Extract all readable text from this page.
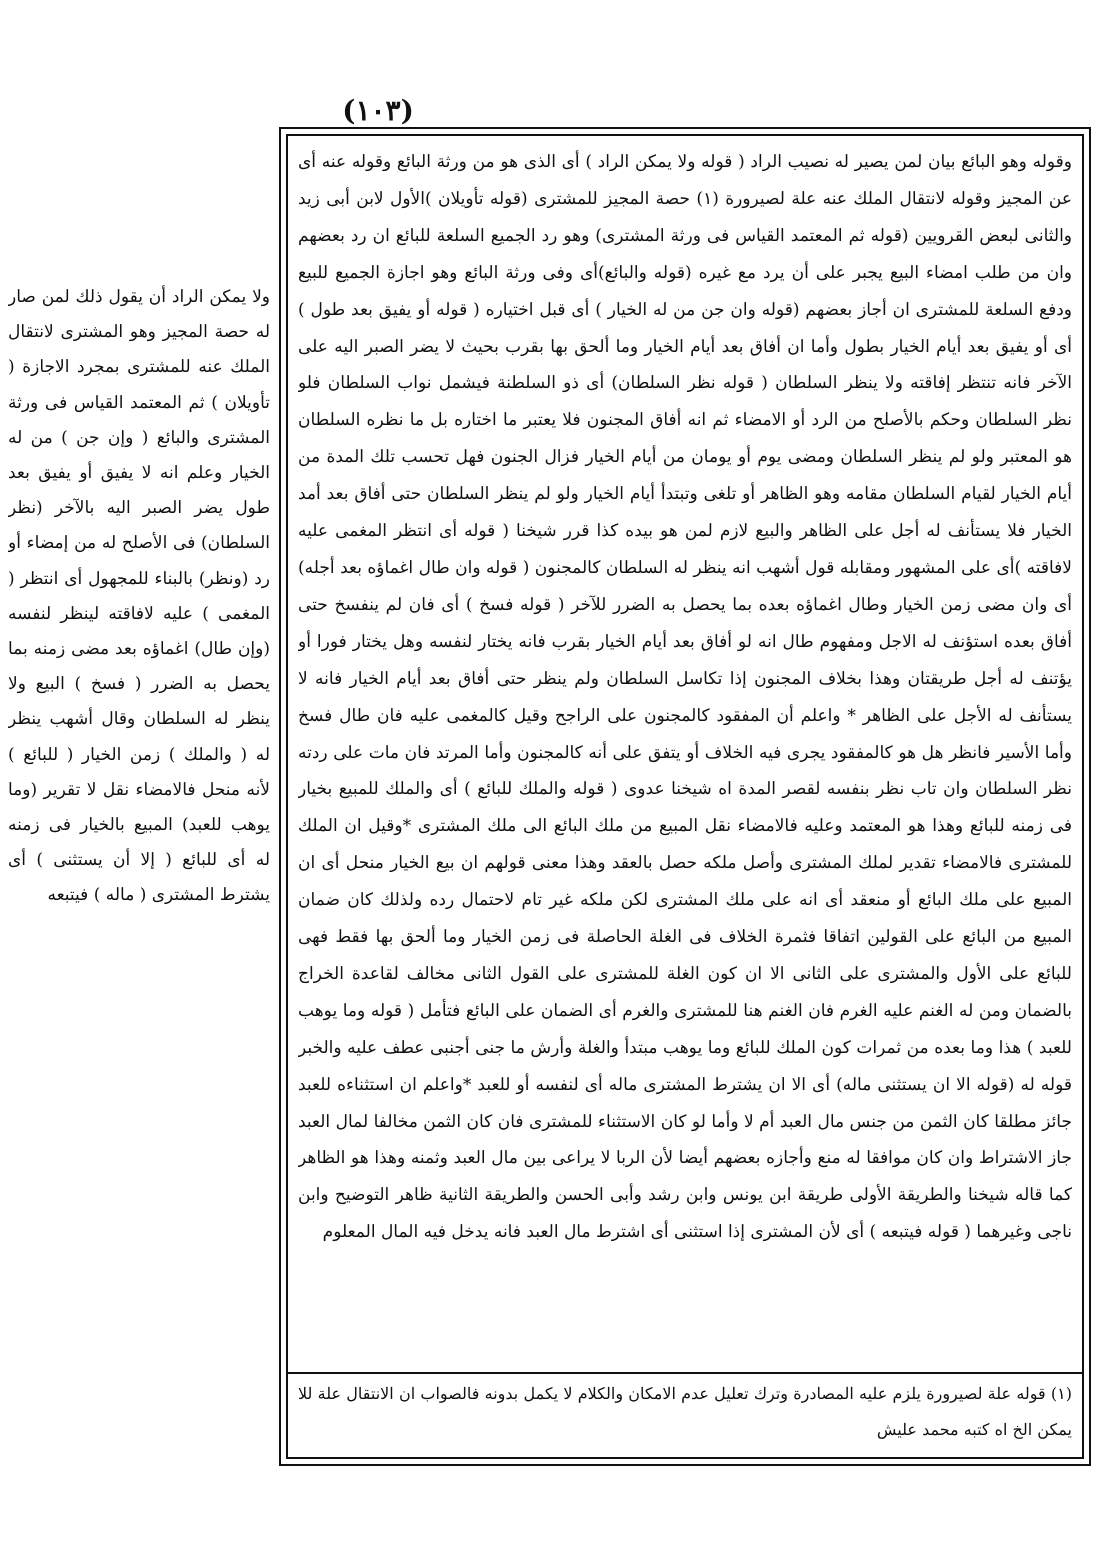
(١٠٣)
ولا يمكن الراد أن يقول ذلك لمن صار له حصة المجيز وهو المشترى لانتقال الملك عنه للمشترى بمجرد الاجازة ( تأويلان ) ثم المعتمد القياس فى ورثة المشترى والبائع ( وإن جن ) من له الخيار وعلم انه لا يفيق أو يفيق بعد طول يضر الصبر اليه بالآخر (نظر السلطان) فى الأصلح له من إمضاء أو رد (ونظر) بالبناء للمجهول أى انتظر ( المغمى ) عليه لافاقته لينظر لنفسه (وإن طال) اغماؤه بعد مضى زمنه بما يحصل به الضرر ( فسخ ) البيع ولا ينظر له السلطان وقال أشهب ينظر له ( والملك ) زمن الخيار ( للبائع ) لأنه منحل فالامضاء نقل لا تقرير (وما يوهب للعبد) المبيع بالخيار فى زمنه له أى للبائع ( إلا أن يستثنى ) أى يشترط المشترى ( ماله ) فيتبعه

وقوله وهو البائع بيان لمن يصير له نصيب الراد ( قوله ولا يمكن الراد ) أى الذى هو من ورثة البائع وقوله عنه أى عن المجيز وقوله لانتقال الملك عنه علة لصيرورة (١) حصة المجيز للمشترى (قوله تأويلان )الأول لابن أبى زيد والثانى لبعض القرويين (قوله ثم المعتمد القياس فى ورثة المشترى) وهو رد الجميع السلعة للبائع ان رد بعضهم وان من طلب امضاء البيع يجبر على أن يرد مع غيره (قوله والبائع)أى وفى ورثة البائع وهو اجازة الجميع للبيع ودفع السلعة للمشترى ان أجاز بعضهم (قوله وان جن من له الخيار ) أى قبل اختياره ( قوله أو يفيق بعد طول ) أى أو يفيق بعد أيام الخيار بطول وأما ان أفاق بعد أيام الخيار وما ألحق بها بقرب بحيث لا يضر الصبر اليه على الآخر فانه تنتظر إفاقته ولا ينظر السلطان ( قوله نظر السلطان) أى ذو السلطنة فيشمل نواب السلطان فلو نظر السلطان وحكم بالأصلح من الرد أو الامضاء ثم انه أفاق المجنون فلا يعتبر ما اختاره بل ما نظره السلطان هو المعتبر ولو لم ينظر السلطان ومضى يوم أو يومان من أيام الخيار فزال الجنون فهل تحسب تلك المدة من أيام الخيار لقيام السلطان مقامه وهو الظاهر أو تلغى وتبتدأ أيام الخيار ولو لم ينظر السلطان حتى أفاق بعد أمد الخيار فلا يستأنف له أجل على الظاهر والبيع لازم لمن هو بيده كذا قرر شيخنا ( قوله أى انتظر المغمى عليه لافاقته )أى على المشهور ومقابله قول أشهب انه ينظر له السلطان كالمجنون ( قوله وان طال اغماؤه بعد أجله) أى وان مضى زمن الخيار وطال اغماؤه بعده بما يحصل به الضرر للآخر ( قوله فسخ ) أى فان لم ينفسخ حتى أفاق بعده استؤنف له الاجل ومفهوم طال انه لو أفاق بعد أيام الخيار بقرب فانه يختار لنفسه وهل يختار فورا أو يؤتنف له أجل طريقتان وهذا بخلاف المجنون إذا تكاسل السلطان ولم ينظر حتى أفاق بعد أيام الخيار فانه لا يستأنف له الأجل على الظاهر * واعلم أن المفقود كالمجنون على الراجح وقيل كالمغمى عليه فان طال فسخ وأما الأسير فانظر هل هو كالمفقود يجرى فيه الخلاف أو يتفق على أنه كالمجنون وأما المرتد فان مات على ردته نظر السلطان وان تاب نظر بنفسه لقصر المدة اه شيخنا عدوى ( قوله والملك للبائع ) أى والملك للمبيع بخيار فى زمنه للبائع وهذا هو المعتمد وعليه فالامضاء نقل المبيع من ملك البائع الى ملك المشترى *وقيل ان الملك للمشترى فالامضاء تقدير لملك المشترى وأصل ملكه حصل بالعقد وهذا معنى قولهم ان بيع الخيار منحل أى ان المبيع على ملك البائع أو منعقد أى انه على ملك المشترى لكن ملكه غير تام لاحتمال رده ولذلك كان ضمان المبيع من البائع على القولين اتفاقا فثمرة الخلاف فى الغلة الحاصلة فى زمن الخيار وما ألحق بها فقط فهى للبائع على الأول والمشترى على الثانى الا ان كون الغلة للمشترى على القول الثانى مخالف لقاعدة الخراج بالضمان ومن له الغنم عليه الغرم فان الغنم هنا للمشترى والغرم أى الضمان على البائع فتأمل ( قوله وما يوهب للعبد ) هذا وما بعده من ثمرات كون الملك للبائع وما يوهب مبتدأ والغلة وأرش ما جنى أجنبى عطف عليه والخبر قوله له (قوله الا ان يستثنى ماله) أى الا ان يشترط المشترى ماله أى لنفسه أو للعبد *واعلم ان استثناءه للعبد جائز مطلقا كان الثمن من جنس مال العبد أم لا وأما لو كان الاستثناء للمشترى فان كان الثمن مخالفا لمال العبد جاز الاشتراط وان كان موافقا له منع وأجازه بعضهم أيضا لأن الربا لا يراعى بين مال العبد وثمنه وهذا هو الظاهر كما قاله شيخنا والطريقة الأولى طريقة ابن يونس وابن رشد وأبى الحسن والطريقة الثانية ظاهر التوضيح وابن ناجى وغيرهما ( قوله فيتبعه ) أى لأن المشترى إذا استثنى أى اشترط مال العبد فانه يدخل فيه المال المعلوم

(١) قوله علة لصيرورة يلزم عليه المصادرة وترك تعليل عدم الامكان والكلام لا يكمل بدونه فالصواب ان الانتقال علة للا يمكن الخ اه كتبه محمد عليش
